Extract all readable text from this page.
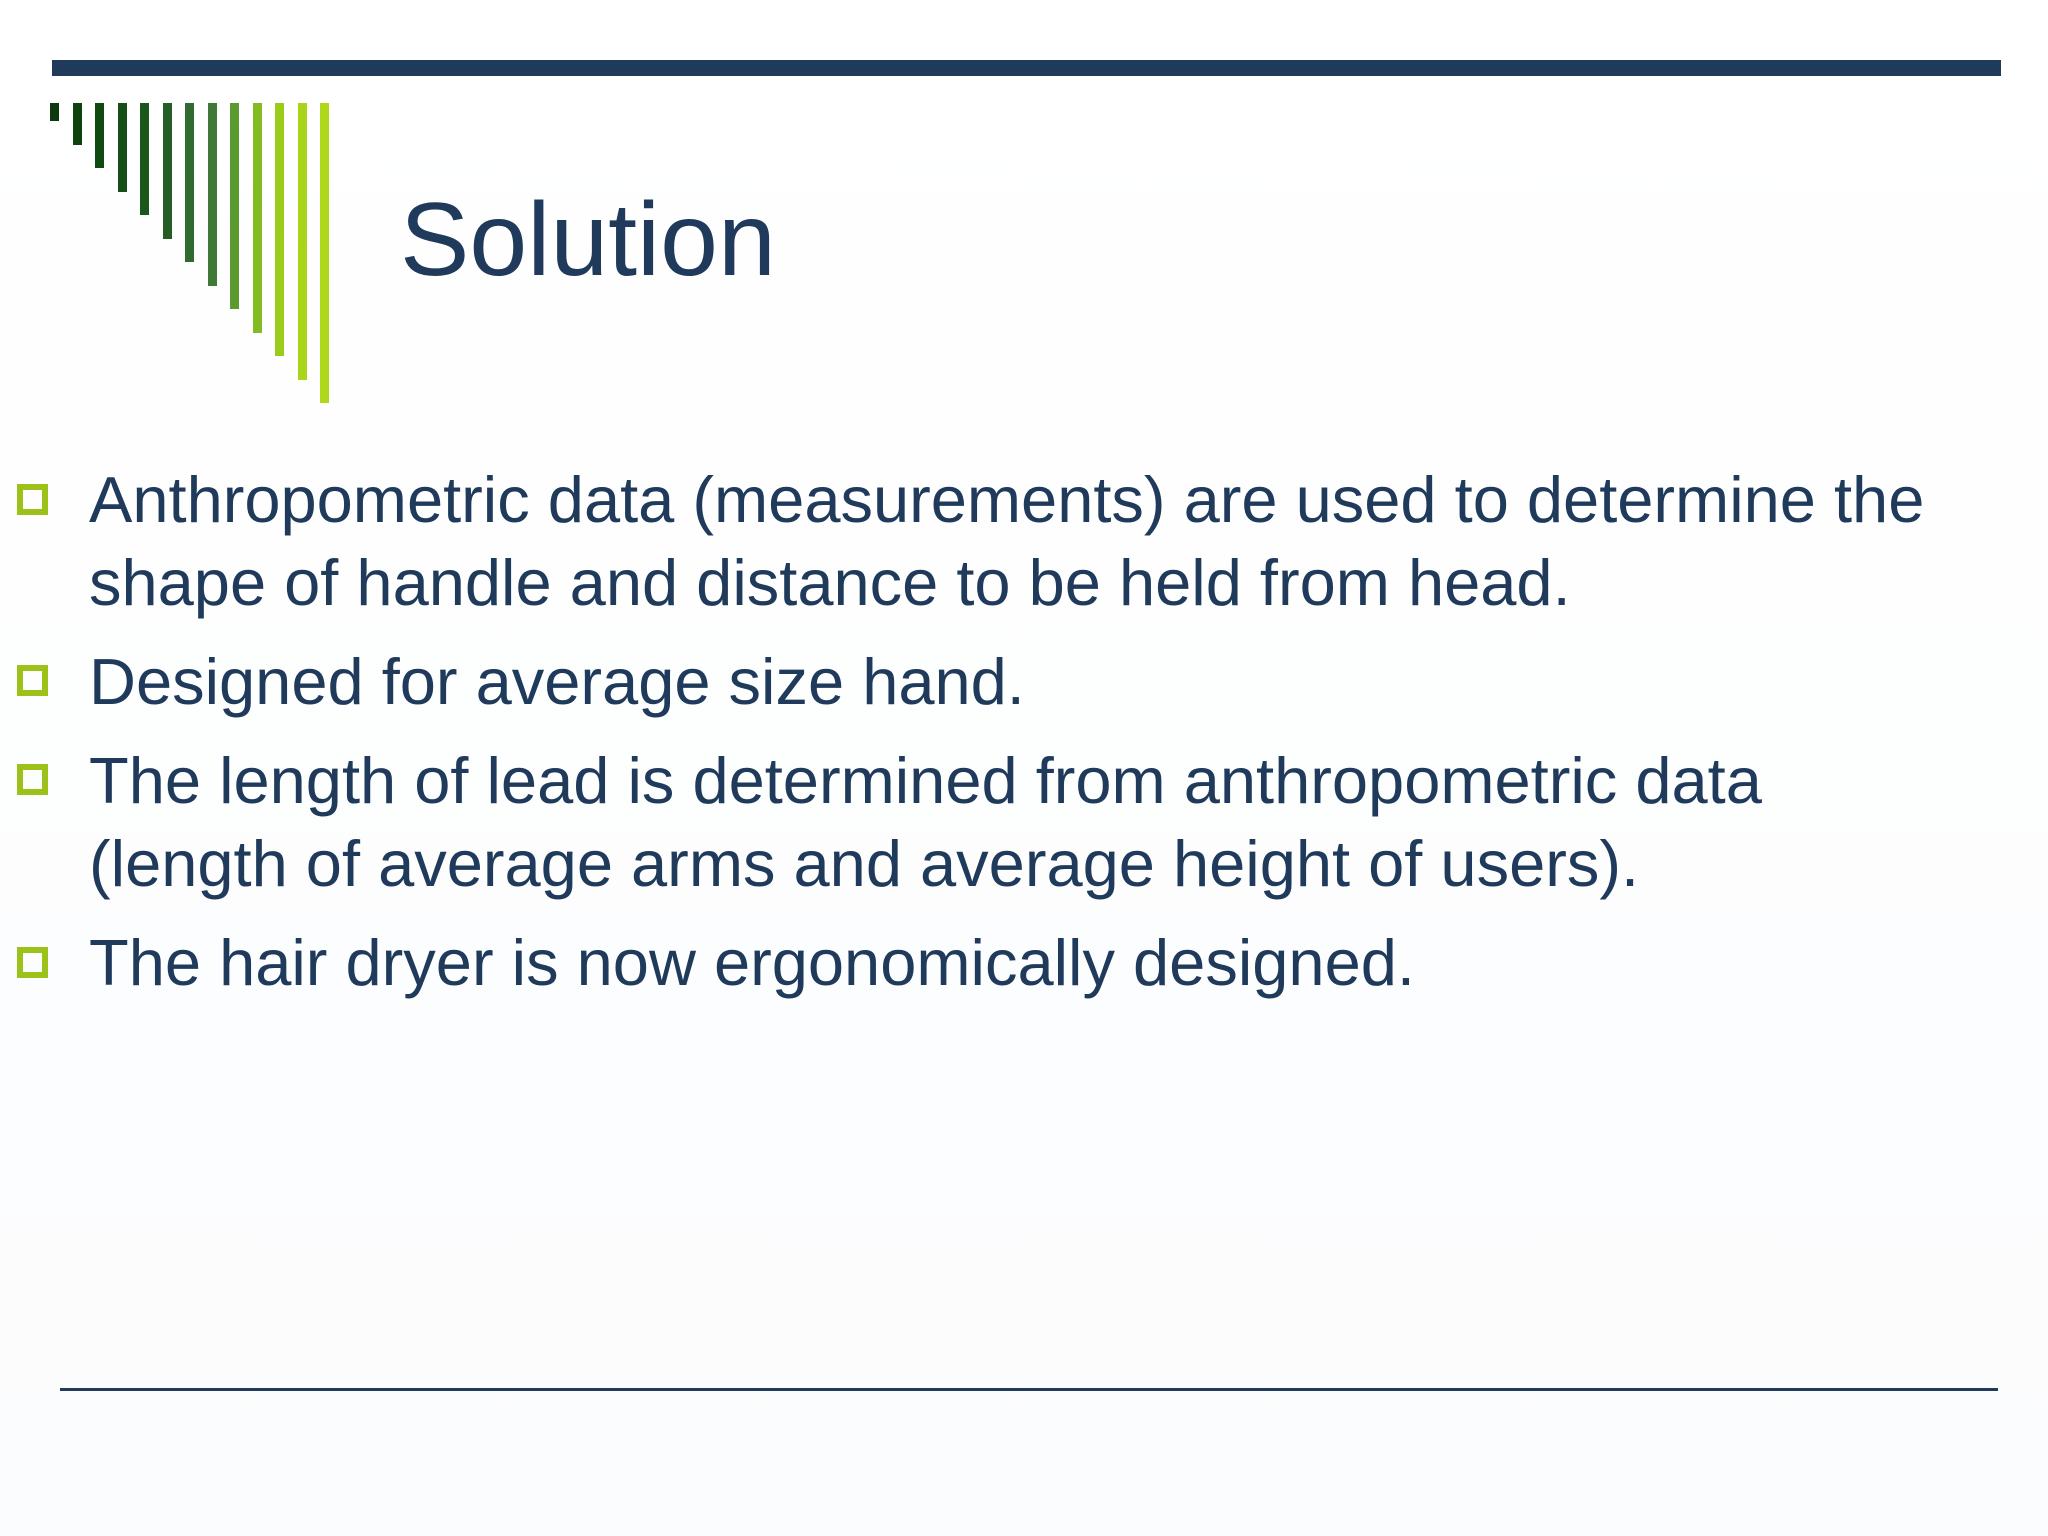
Solution
Anthropometric data (measurements) are used to determine the
shape of handle and distance to be held from head.
Designed for average size hand.
The length of lead is determined from anthropometric data
(length of average arms and average height of users).
The hair dryer is now ergonomically designed.
